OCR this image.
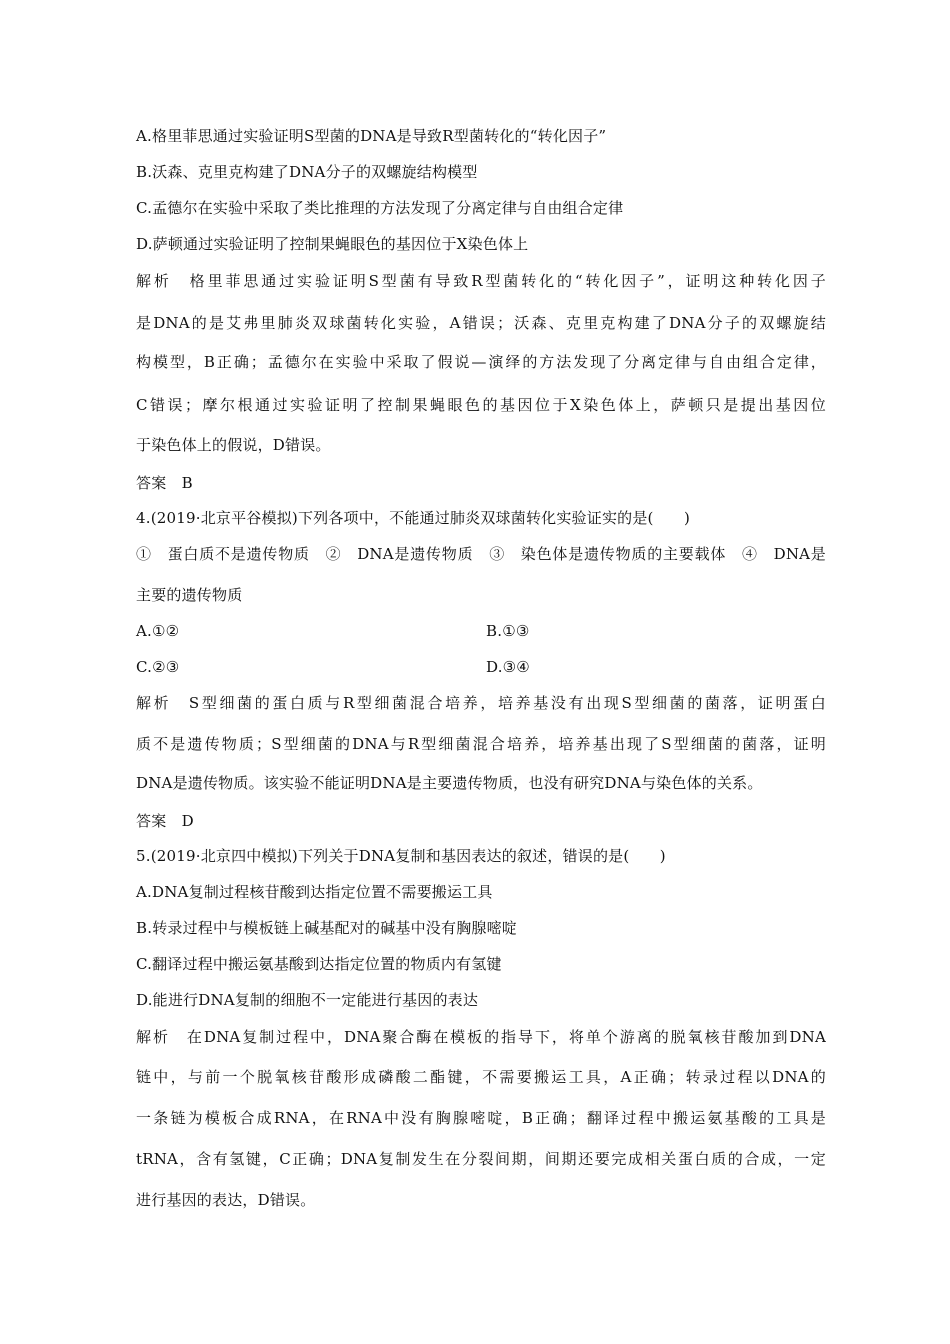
A.格里菲思通过实验证明S型菌的DNA是导致R型菌转化的“转化因子”
B.沃森、克里克构建了DNA分子的双螺旋结构模型
C.孟德尔在实验中采取了类比推理的方法发现了分离定律与自由组合定律
D.萨顿通过实验证明了控制果蝇眼色的基因位于X染色体上
解析　格里菲思通过实验证明S型菌有导致R型菌转化的“转化因子”，证明这种转化因子
是DNA的是艾弗里肺炎双球菌转化实验，A错误；沃森、克里克构建了DNA分子的双螺旋结
构模型，B正确；孟德尔在实验中采取了假说—演绎的方法发现了分离定律与自由组合定律，
C错误；摩尔根通过实验证明了控制果蝇眼色的基因位于X染色体上，萨顿只是提出基因位
于染色体上的假说，D错误。
答案　B
4.(2019·北京平谷模拟)下列各项中，不能通过肺炎双球菌转化实验证实的是(　　)
①　蛋白质不是遗传物质　②　DNA是遗传物质　③　染色体是遗传物质的主要载体　④　DNA是
主要的遗传物质
A.①②	B.①③
C.②③	D.③④
解析　S型细菌的蛋白质与R型细菌混合培养，培养基没有出现S型细菌的菌落，证明蛋白
质不是遗传物质；S型细菌的DNA与R型细菌混合培养，培养基出现了S型细菌的菌落，证明
DNA是遗传物质。该实验不能证明DNA是主要遗传物质，也没有研究DNA与染色体的关系。
答案　D
5.(2019·北京四中模拟)下列关于DNA复制和基因表达的叙述，错误的是(　　)
A.DNA复制过程核苷酸到达指定位置不需要搬运工具
B.转录过程中与模板链上碱基配对的碱基中没有胸腺嘧啶
C.翻译过程中搬运氨基酸到达指定位置的物质内有氢键
D.能进行DNA复制的细胞不一定能进行基因的表达
解析　在DNA复制过程中，DNA聚合酶在模板的指导下，将单个游离的脱氧核苷酸加到DNA
链中，与前一个脱氧核苷酸形成磷酸二酯键，不需要搬运工具，A正确；转录过程以DNA的
一条链为模板合成RNA，在RNA中没有胸腺嘧啶，B正确；翻译过程中搬运氨基酸的工具是
tRNA，含有氢键，C正确；DNA复制发生在分裂间期，间期还要完成相关蛋白质的合成，一定
进行基因的表达，D错误。
